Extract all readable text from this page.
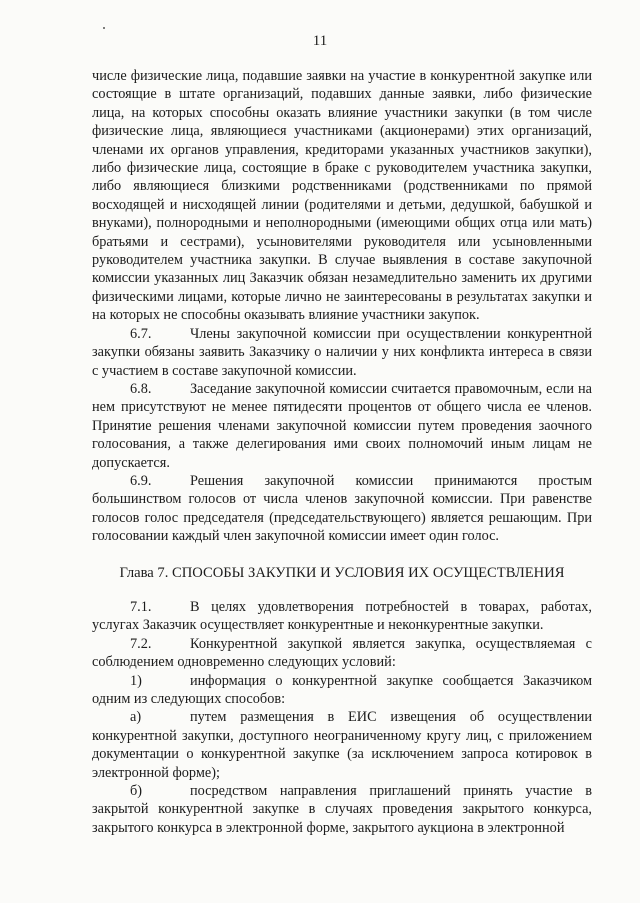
11

числе физические лица, подавшие заявки на участие в конкурентной закупке или состоящие в штате организаций, подавших данные заявки, либо физические лица, на которых способны оказать влияние участники закупки (в том числе физические лица, являющиеся участниками (акционерами) этих организаций, членами их органов управления, кредиторами указанных участников закупки), либо физические лица, состоящие в браке с руководителем участника закупки, либо являющиеся близкими родственниками (родственниками по прямой восходящей и нисходящей линии (родителями и детьми, дедушкой, бабушкой и внуками), полнородными и неполнородными (имеющими общих отца или мать) братьями и сестрами), усыновителями руководителя или усыновленными руководителем участника закупки. В случае выявления в составе закупочной комиссии указанных лиц Заказчик обязан незамедлительно заменить их другими физическими лицами, которые лично не заинтересованы в результатах закупки и на которых не способны оказывать влияние участники закупок.

6.7.	Члены закупочной комиссии при осуществлении конкурентной закупки обязаны заявить Заказчику о наличии у них конфликта интереса в связи с участием в составе закупочной комиссии.

6.8.	Заседание закупочной комиссии считается правомочным, если на нем присутствуют не менее пятидесяти процентов от общего числа ее членов. Принятие решения членами закупочной комиссии путем проведения заочного голосования, а также делегирования ими своих полномочий иным лицам не допускается.

6.9.	Решения закупочной комиссии принимаются простым большинством голосов от числа членов закупочной комиссии. При равенстве голосов голос председателя (председательствующего) является решающим. При голосовании каждый член закупочной комиссии имеет один голос.

Глава 7. СПОСОБЫ ЗАКУПКИ И УСЛОВИЯ ИХ ОСУЩЕСТВЛЕНИЯ

7.1.	В целях удовлетворения потребностей в товарах, работах, услугах Заказчик осуществляет конкурентные и неконкурентные закупки.

7.2.	Конкурентной закупкой является закупка, осуществляемая с соблюдением одновременно следующих условий:

1)	информация о конкурентной закупке сообщается Заказчиком одним из следующих способов:

а)	путем размещения в ЕИС извещения об осуществлении конкурентной закупки, доступного неограниченному кругу лиц, с приложением документации о конкурентной закупке (за исключением запроса котировок в электронной форме);

б)	посредством направления приглашений принять участие в закрытой конкурентной закупке в случаях проведения закрытого конкурса, закрытого конкурса в электронной форме, закрытого аукциона в электронной
